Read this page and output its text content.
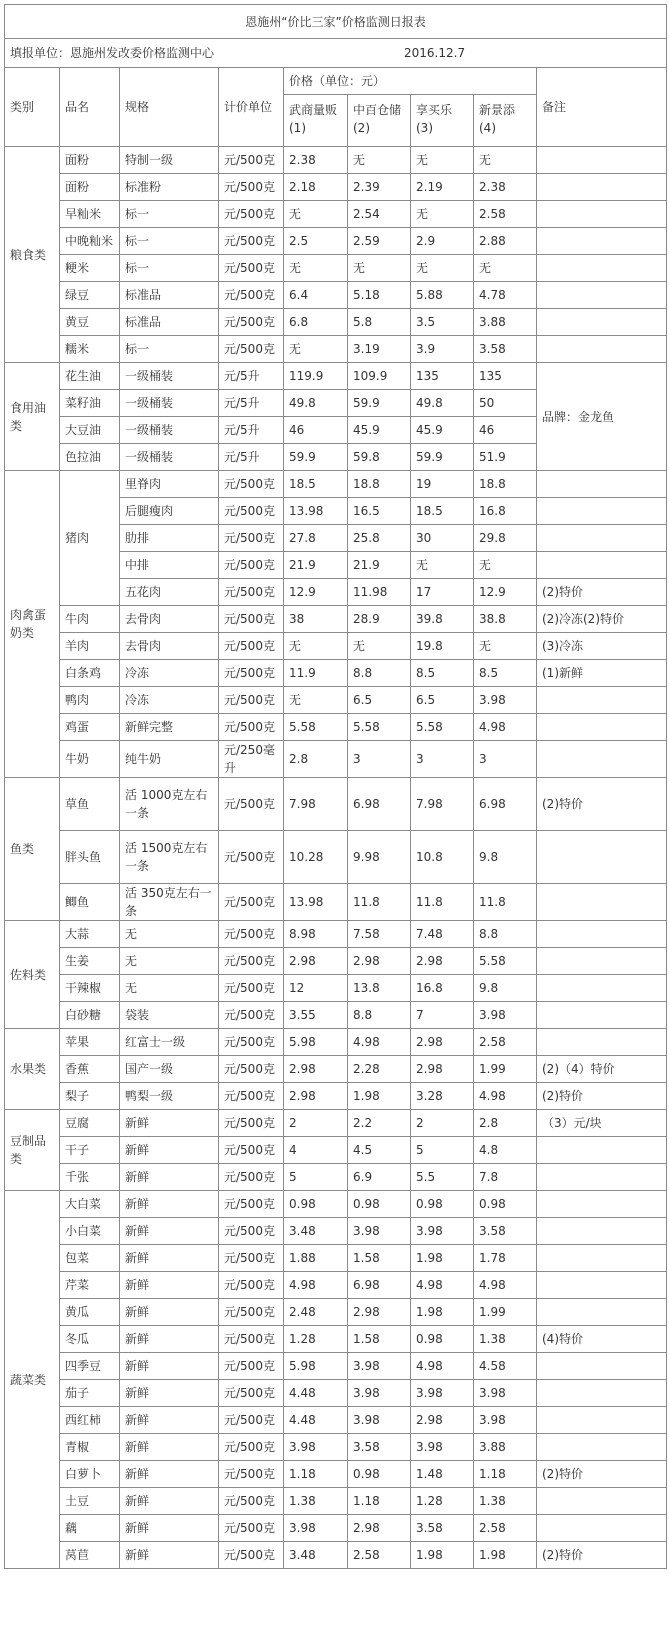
恩施州“价比三家”价格监测日报表								
填报单位：恩施州发改委价格监测中心 2016.12.7								
类别	品名	规格	计价单位	价格（单位：元）				备注
				武商量贩(1)	中百仓储(2)	享买乐(3)	新景添(4)	
粮食类	面粉	特制一级	元/500克	2.38	无	无	无	
	面粉	标准粉	元/500克	2.18	2.39	2.19	2.38	
	早籼米	标一	元/500克	无	2.54	无	2.58	
	中晚籼米	标一	元/500克	2.5	2.59	2.9	2.88	
	粳米	标一	元/500克	无	无	无	无	
	绿豆	标准品	元/500克	6.4	5.18	5.88	4.78	
	黄豆	标准品	元/500克	6.8	5.8	3.5	3.88	
	糯米	标一	元/500克	无	3.19	3.9	3.58	
食用油类	花生油	一级桶装	元/5升	119.9	109.9	135	135	品牌：金龙鱼
	菜籽油	一级桶装	元/5升	49.8	59.9	49.8	50	
	大豆油	一级桶装	元/5升	46	45.9	45.9	46	
	色拉油	一级桶装	元/5升	59.9	59.8	59.9	51.9	
肉禽蛋奶类	猪肉	里脊肉	元/500克	18.5	18.8	19	18.8	
		后腿瘦肉	元/500克	13.98	16.5	18.5	16.8	
		肋排	元/500克	27.8	25.8	30	29.8	
		中排	元/500克	21.9	21.9	无	无	
		五花肉	元/500克	12.9	11.98	17	12.9	(2)特价
	牛肉	去骨肉	元/500克	38	28.9	39.8	38.8	(2)冷冻(2)特价
	羊肉	去骨肉	元/500克	无	无	19.8	无	(3)冷冻
	白条鸡	冷冻	元/500克	11.9	8.8	8.5	8.5	(1)新鲜
	鸭肉	冷冻	元/500克	无	6.5	6.5	3.98	
	鸡蛋	新鲜完整	元/500克	5.58	5.58	5.58	4.98	
	牛奶	纯牛奶	元/250毫升	2.8	3	3	3	
鱼类	草鱼	活 1000克左右一条	元/500克	7.98	6.98	7.98	6.98	(2)特价
	胖头鱼	活 1500克左右一条	元/500克	10.28	9.98	10.8	9.8	
	鲫鱼	活 350克左右一条	元/500克	13.98	11.8	11.8	11.8	
佐料类	大蒜	无	元/500克	8.98	7.58	7.48	8.8	
	生姜	无	元/500克	2.98	2.98	2.98	5.58	
	干辣椒	无	元/500克	12	13.8	16.8	9.8	
	白砂糖	袋装	元/500克	3.55	8.8	7	3.98	
水果类	苹果	红富士一级	元/500克	5.98	4.98	2.98	2.58	
	香蕉	国产一级	元/500克	2.98	2.28	2.98	1.99	(2)（4）特价
	梨子	鸭梨一级	元/500克	2.98	1.98	3.28	4.98	(2)特价
豆制品类	豆腐	新鲜	元/500克	2	2.2	2	2.8	（3）元/块
	干子	新鲜	元/500克	4	4.5	5	4.8	
	千张	新鲜	元/500克	5	6.9	5.5	7.8	
蔬菜类	大白菜	新鲜	元/500克	0.98	0.98	0.98	0.98	
	小白菜	新鲜	元/500克	3.48	3.98	3.98	3.58	
	包菜	新鲜	元/500克	1.88	1.58	1.98	1.78	
	芹菜	新鲜	元/500克	4.98	6.98	4.98	4.98	
	黄瓜	新鲜	元/500克	2.48	2.98	1.98	1.99	
	冬瓜	新鲜	元/500克	1.28	1.58	0.98	1.38	(4)特价
	四季豆	新鲜	元/500克	5.98	3.98	4.98	4.58	
	茄子	新鲜	元/500克	4.48	3.98	3.98	3.98	
	西红柿	新鲜	元/500克	4.48	3.98	2.98	3.98	
	青椒	新鲜	元/500克	3.98	3.58	3.98	3.88	
	白萝卜	新鲜	元/500克	1.18	0.98	1.48	1.18	(2)特价
	土豆	新鲜	元/500克	1.38	1.18	1.28	1.38	
	藕	新鲜	元/500克	3.98	2.98	3.58	2.58	
	莴苣	新鲜	元/500克	3.48	2.58	1.98	1.98	(2)特价
